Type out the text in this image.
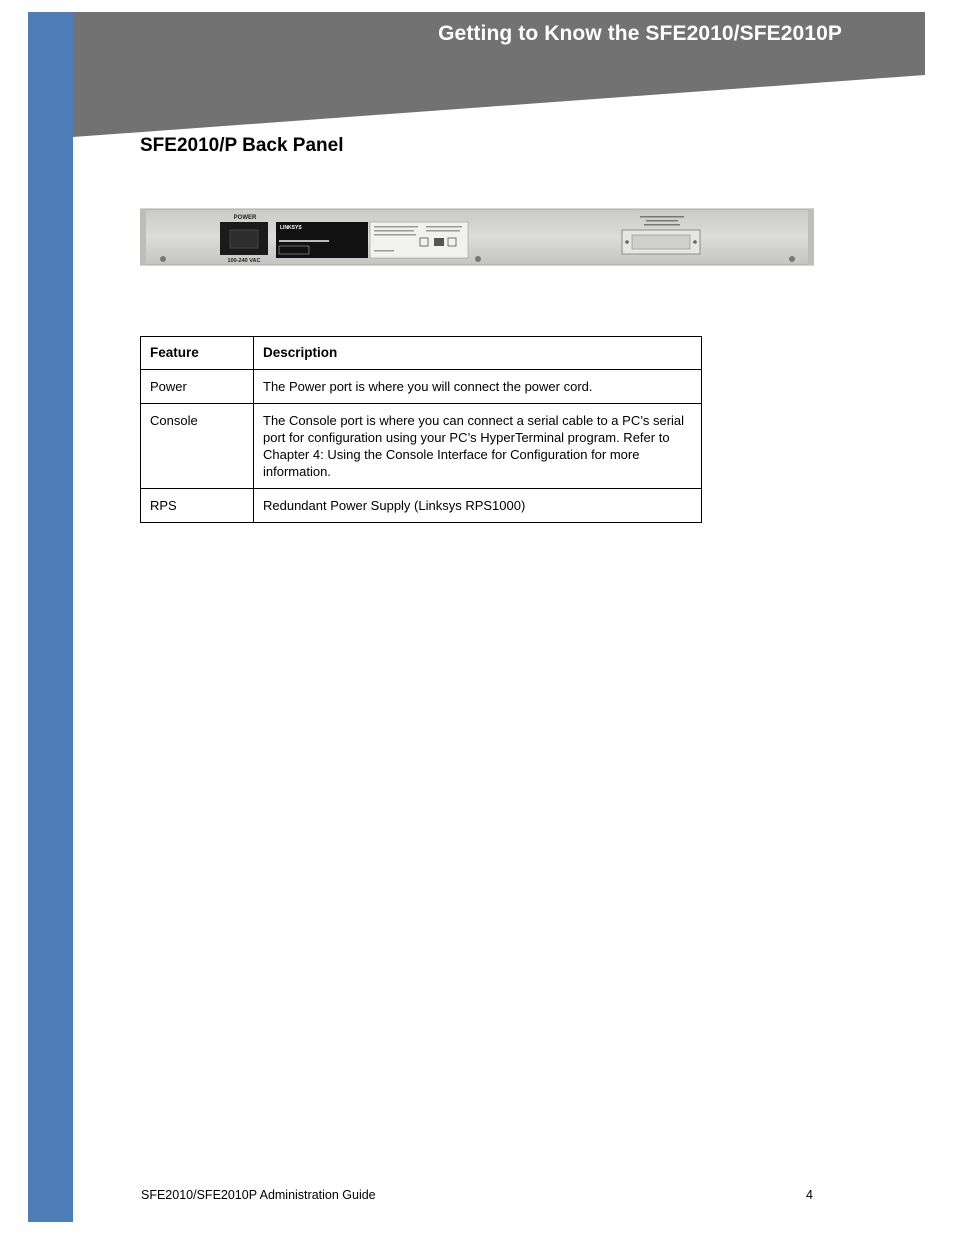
Getting to Know the SFE2010/SFE2010P
SFE2010/P Back Panel
POWER
100-240 VAC
LINKSYS
Feature	Description
Power	The Power port is where you will connect the power cord.
Console	The Console port is where you can connect a serial cable to a PC’s serial port for configuration using your PC’s HyperTerminal program. Refer to Chapter 4: Using the Console Interface for Configuration for more information.
RPS	Redundant Power Supply (Linksys RPS1000)
SFE2010/SFE2010P Administration Guide	4
